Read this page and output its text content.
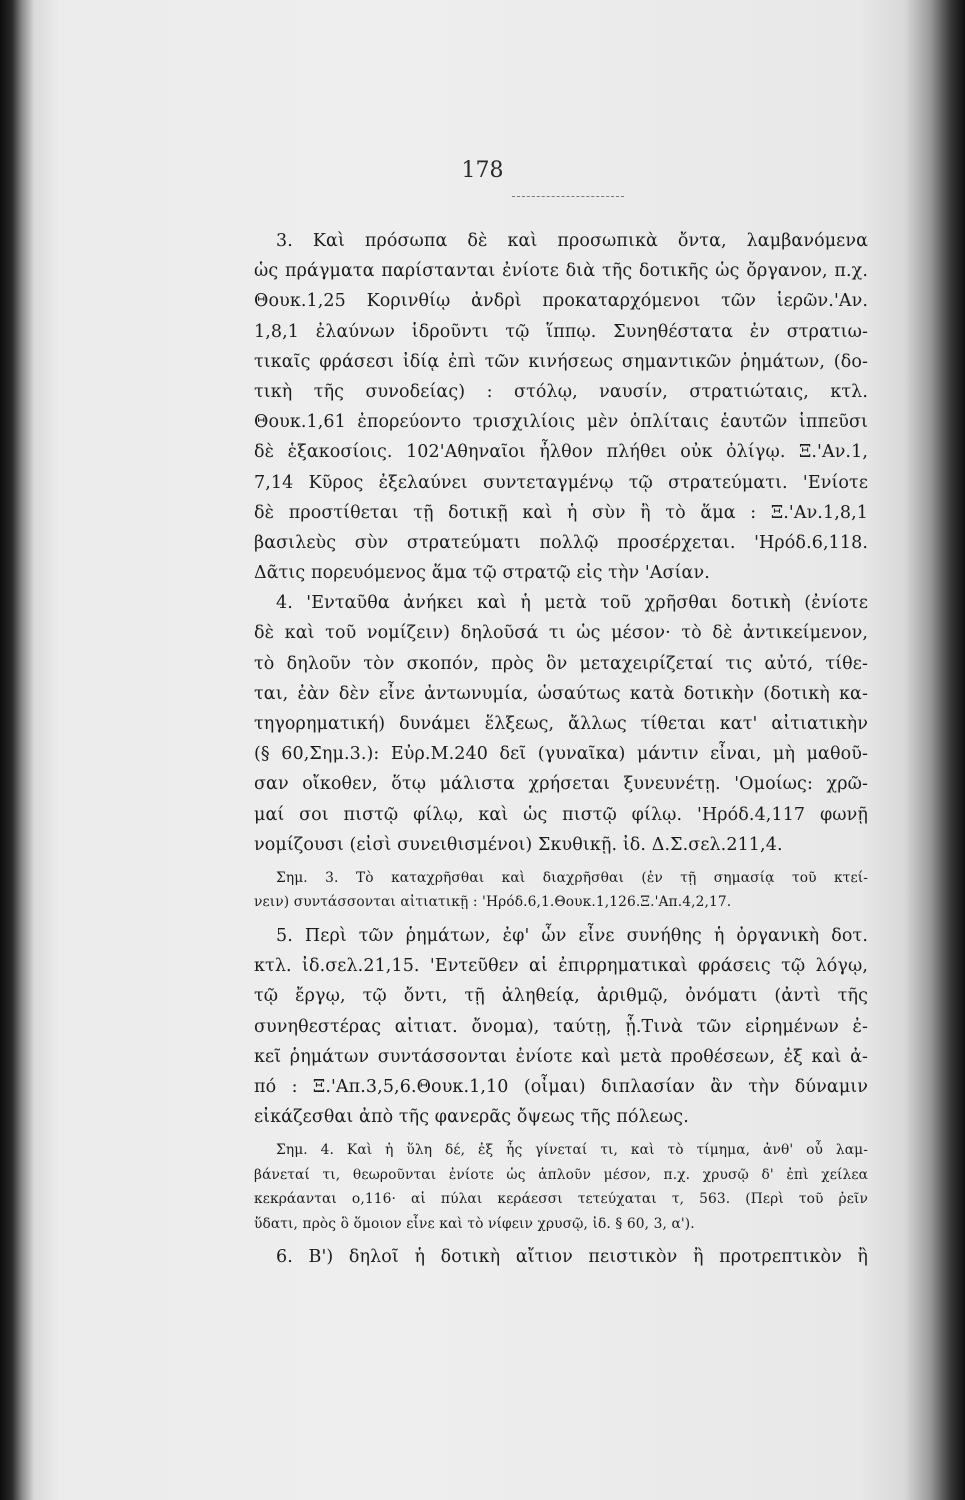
178
3. Καὶ πρόσωπα δὲ καὶ προσωπικὰ ὄντα, λαμβανόμενα
ὡς πράγματα παρίστανται ἐνίοτε διὰ τῆς δοτικῆς ὡς ὄργανον, π.χ.
Θουκ.1,25 Κορινθίῳ ἀνδρὶ προκαταρχόμενοι τῶν ἱερῶν.'Αν.
1,8,1 ἐλαύνων ἱδροῦντι τῷ ἵππῳ. Συνηθέστατα ἐν στρατιω-
τικαῖς φράσεσι ἰδίᾳ ἐπὶ τῶν κινήσεως σημαντικῶν ῥημάτων, (δο-
τικὴ τῆς συνοδείας) : στόλῳ, ναυσίν, στρατιώταις, κτλ.
Θουκ.1,61 ἐπορεύοντο τρισχιλίοις μὲν ὁπλίταις ἑαυτῶν ἱππεῦσι
δὲ ἑξακοσίοις. 102'Αθηναῖοι ἦλθον πλήθει οὐκ ὀλίγῳ. Ξ.'Αν.1,
7,14 Κῦρος ἐξελαύνει συντεταγμένῳ τῷ στρατεύματι. 'Ενίοτε
δὲ προστίθεται τῇ δοτικῇ καὶ ἡ σὺν ἢ τὸ ἅμα : Ξ.'Αν.1,8,1
βασιλεὺς σὺν στρατεύματι πολλῷ προσέρχεται. 'Ηρόδ.6,118.
Δᾶτις πορευόμενος ἅμα τῷ στρατῷ εἰς τὴν 'Ασίαν.
4. 'Ενταῦθα ἀνήκει καὶ ἡ μετὰ τοῦ χρῆσθαι δοτικὴ (ἐνίοτε
δὲ καὶ τοῦ νομίζειν) δηλοῦσά τι ὡς μέσον· τὸ δὲ ἀντικείμενον,
τὸ δηλοῦν τὸν σκοπόν, πρὸς ὃν μεταχειρίζεταί τις αὐτό, τίθε-
ται, ἐὰν δὲν εἶνε ἀντωνυμία, ὡσαύτως κατὰ δοτικὴν (δοτικὴ κα-
τηγορηματική) δυνάμει ἕλξεως, ἄλλως τίθεται κατ' αἰτιατικὴν
(§ 60,Σημ.3.): Εὐρ.Μ.240 δεῖ (γυναῖκα) μάντιν εἶναι, μὴ μαθοῦ-
σαν οἴκοθεν, ὅτῳ μάλιστα χρήσεται ξυνευνέτῃ. 'Ομοίως: χρῶ-
μαί σοι πιστῷ φίλῳ, καὶ ὡς πιστῷ φίλῳ. 'Ηρόδ.4,117 φωνῇ
νομίζουσι (εἰσὶ συνειθισμένοι) Σκυθικῇ. ἰδ. Δ.Σ.σελ.211,4.
Σημ. 3. Τὸ καταχρῆσθαι καὶ διαχρῆσθαι (ἐν τῇ σημασίᾳ τοῦ κτεί-
νειν) συντάσσονται αἰτιατικῇ : 'Ηρόδ.6,1.Θουκ.1,126.Ξ.'Απ.4,2,17.
5. Περὶ τῶν ῥημάτων, ἐφ' ὧν εἶνε συνήθης ἡ ὀργανικὴ δοτ.
κτλ. ἰδ.σελ.21,15. 'Εντεῦθεν αἱ ἐπιρρηματικαὶ φράσεις τῷ λόγῳ,
τῷ ἔργῳ, τῷ ὄντι, τῇ ἀληθείᾳ, ἀριθμῷ, ὀνόματι (ἀντὶ τῆς
συνηθεστέρας αἰτιατ. ὄνομα), ταύτῃ, ᾗ.Τινὰ τῶν εἰρημένων ἐ-
κεῖ ῥημάτων συντάσσονται ἐνίοτε καὶ μετὰ προθέσεων, ἐξ καὶ ἀ-
πό : Ξ.'Απ.3,5,6.Θουκ.1,10 (οἶμαι) διπλασίαν ἂν τὴν δύναμιν
εἰκάζεσθαι ἀπὸ τῆς φανερᾶς ὄψεως τῆς πόλεως.
Σημ. 4. Καὶ ἡ ὕλη δέ, ἐξ ἧς γίνεταί τι, καὶ τὸ τίμημα, ἀνθ' οὗ λαμ-
βάνεταί τι, θεωροῦνται ἐνίοτε ὡς ἁπλοῦν μέσον, π.χ. χρυσῷ δ' ἐπὶ χείλεα
κεκράανται ο,116· αἱ πύλαι κεράεσσι τετεύχαται τ, 563. (Περὶ τοῦ ῥεῖν
ὕδατι, πρὸς ὃ ὅμοιον εἶνε καὶ τὸ νίφειν χρυσῷ, ἰδ. § 60, 3, α').
6. Β') δηλοῖ ἡ δοτικὴ αἴτιον πειστικὸν ἢ προτρεπτικὸν ἢ
